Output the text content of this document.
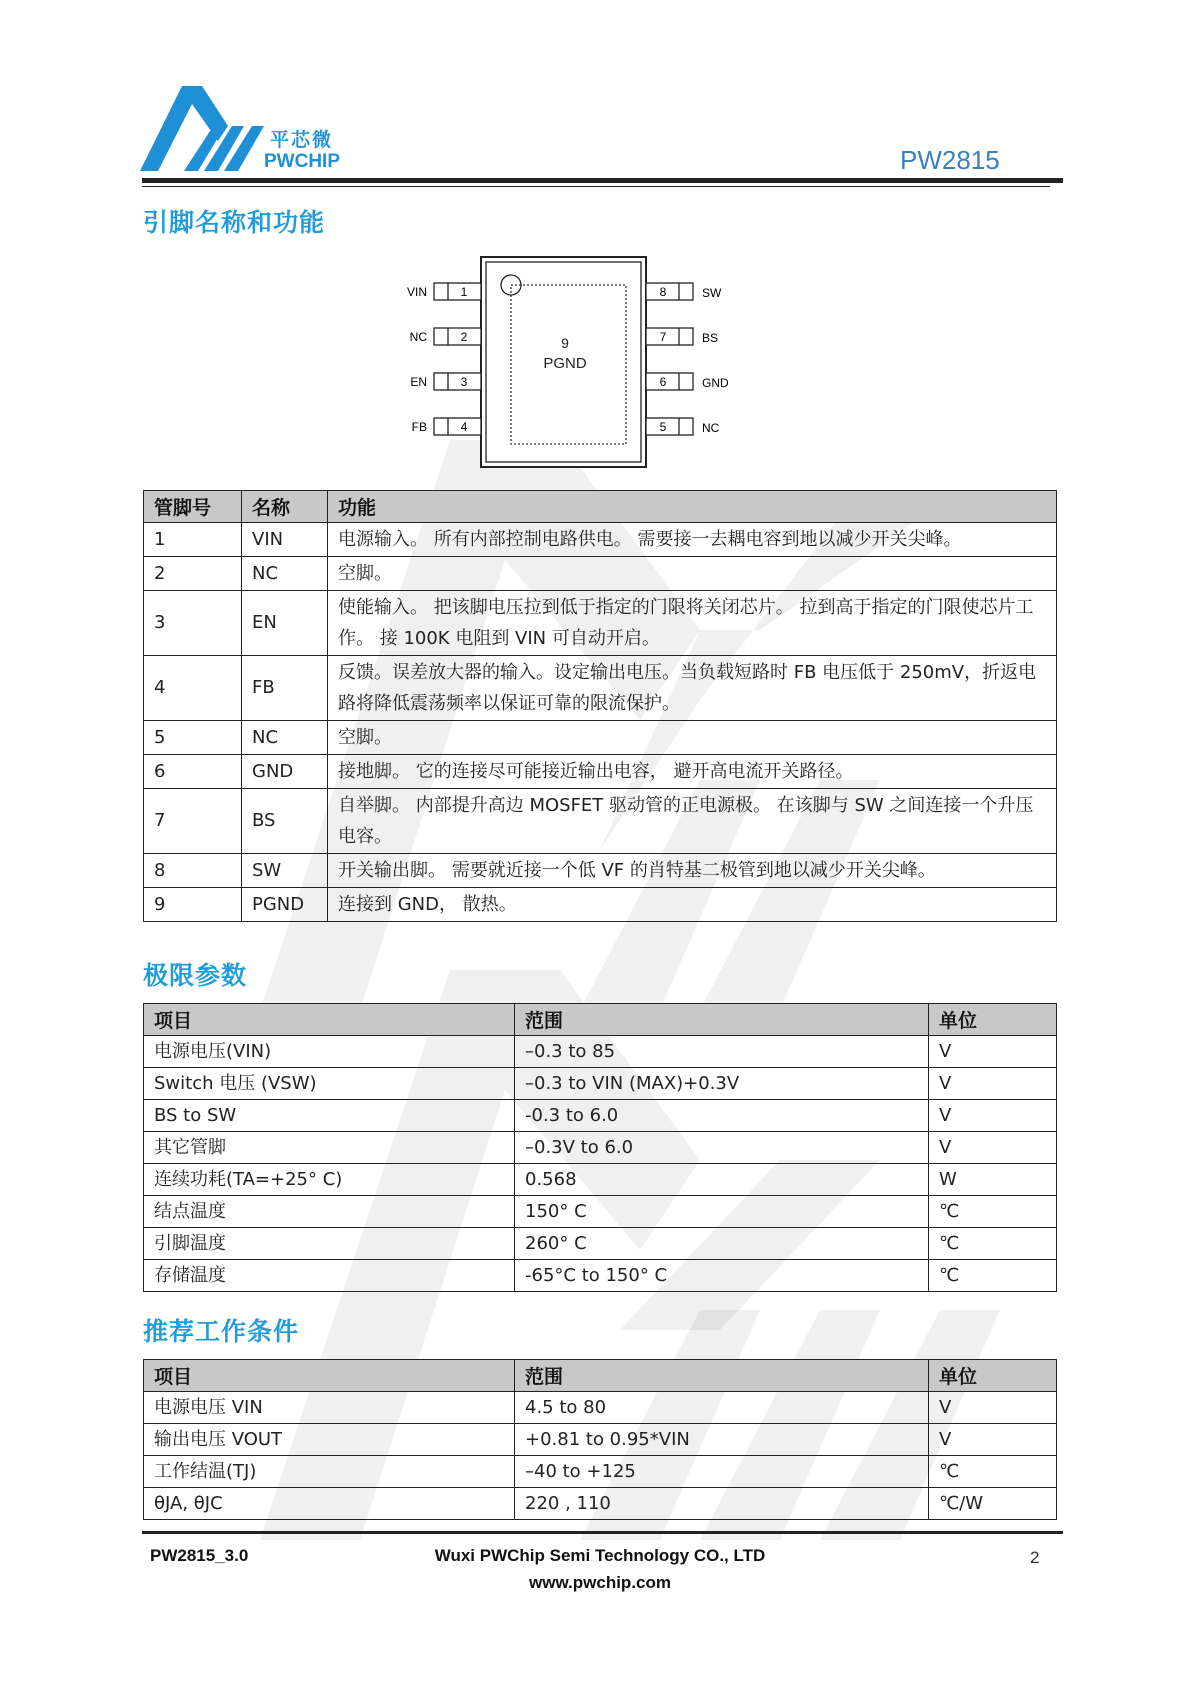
平芯微
PWCHIP	PW2815
引脚名称和功能
9
PGND
VIN	1
NC	2
EN	3
FB	4
8	SW
7	BS
6	GND
5	NC
管脚号	名称	功能
1	VIN	电源输入。 所有内部控制电路供电。 需要接一去耦电容到地以减少开关尖峰。
2	NC	空脚。
3	EN	使能输入。 把该脚电压拉到低于指定的门限将关闭芯片。 拉到高于指定的门限使芯片工作。 接 100K 电阻到 VIN 可自动开启。
4	FB	反馈。误差放大器的输入。设定输出电压。当负载短路时 FB 电压低于 250mV，折返电路将降低震荡频率以保证可靠的限流保护。
5	NC	空脚。
6	GND	接地脚。 它的连接尽可能接近输出电容， 避开高电流开关路径。
7	BS	自举脚。 内部提升高边 MOSFET 驱动管的正电源极。 在该脚与 SW 之间连接一个升压电容。
8	SW	开关输出脚。 需要就近接一个低 VF 的肖特基二极管到地以减少开关尖峰。
9	PGND	连接到 GND， 散热。
极限参数
项目	范围	单位
电源电压(VIN)	–0.3 to 85	V
Switch 电压 (VSW)	–0.3 to VIN (MAX)+0.3V	V
BS to SW	-0.3 to 6.0	V
其它管脚	–0.3V to 6.0	V
连续功耗(TA=+25° C)	0.568	W
结点温度	150° C	℃
引脚温度	260° C	℃
存储温度	-65°C to 150° C	℃
推荐工作条件
项目	范围	单位
电源电压 VIN	4.5 to 80	V
输出电压 VOUT	+0.81 to 0.95*VIN	V
工作结温(TJ)	–40 to +125	℃
θJA, θJC	220 , 110	℃/W
PW2815_3.0	Wuxi PWChip Semi Technology CO., LTD
www.pwchip.com
2
